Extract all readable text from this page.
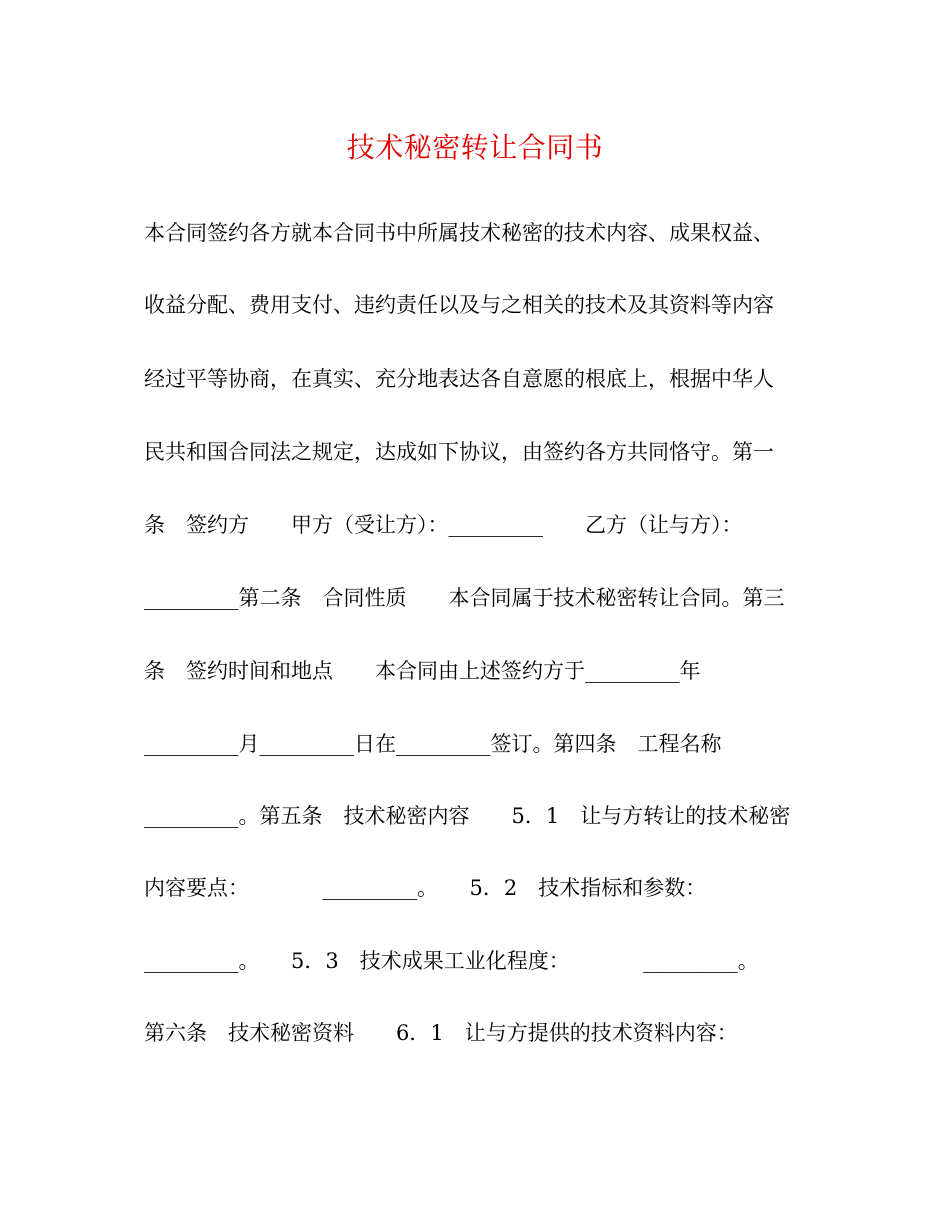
技术秘密转让合同书

本合同签约各方就本合同书中所属技术秘密的技术内容、成果权益、

收益分配、费用支付、违约责任以及与之相关的技术及其资料等内容

经过平等协商，在真实、充分地表达各自意愿的根底上，根据中华人

民共和国合同法之规定，达成如下协议，由签约各方共同恪守。第一

条　签约方　　甲方（受让方）：_________　　乙方（让与方）：

_________第二条　合同性质　　本合同属于技术秘密转让合同。第三

条　签约时间和地点　　本合同由上述签约方于_________年

_________月_________日在_________签订。第四条　工程名称

_________。第五条　技术秘密内容　　5．1　让与方转让的技术秘密

内容要点：　　　　_________。　　5．2　技术指标和参数：

_________。　　5．3　技术成果工业化程度：　　　　_________。

第六条　技术秘密资料　　6．1　让与方提供的技术资料内容：
